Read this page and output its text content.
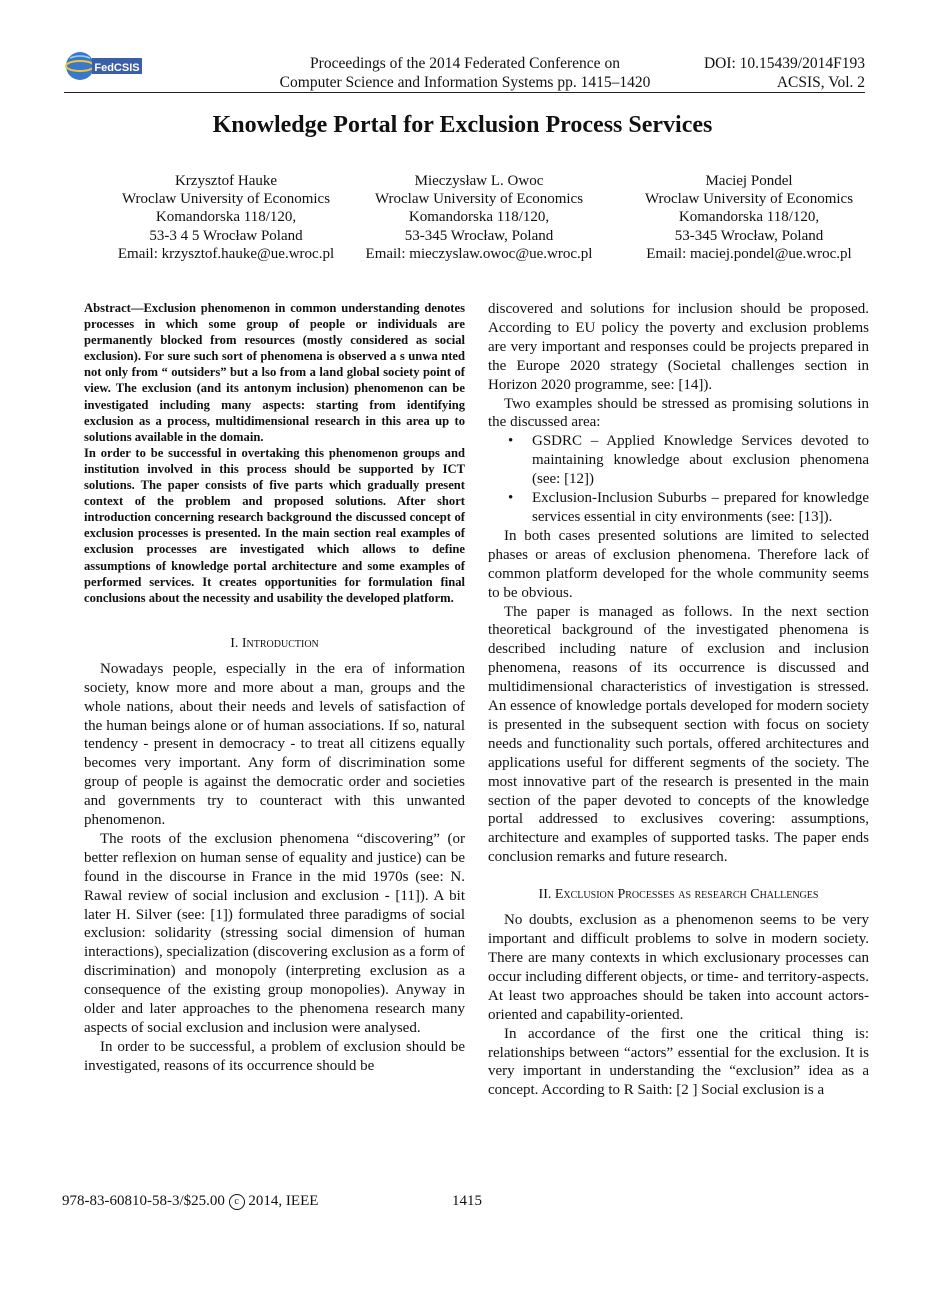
FedCSIS	Proceedings of the 2014 Federated Conference on
Computer Science and Information Systems pp. 1415–1420
DOI: 10.15439/2014F193
ACSIS, Vol. 2
Knowledge Portal for Exclusion Process Services
Krzysztof Hauke
Wroclaw University of Economics
Komandorska 118/120,
53-3 4 5 Wrocław Poland
Email: krzysztof.hauke@ue.wroc.pl
Mieczysław L. Owoc
Wroclaw University of Economics
Komandorska 118/120,
53-345 Wrocław, Poland
Email: mieczyslaw.owoc@ue.wroc.pl
Maciej Pondel
Wroclaw University of Economics
Komandorska 118/120,
53-345 Wrocław, Poland
Email: maciej.pondel@ue.wroc.pl

Abstract—Exclusion phenomenon in common understanding denotes processes in which some group of people or individuals are permanently blocked from resources (mostly considered as social exclusion). For sure such sort of phenomena is observed a s unwa nted not only from “ outsiders” but a lso from a land global society point of view. The exclusion (and its antonym inclusion) phenomenon can be investigated including many aspects: starting from identifying exclusion as a process, multidimensional research in this area up to solutions available in the domain.

In order to be successful in overtaking this phenomenon groups and institution involved in this process should be supported by ICT solutions. The paper consists of five parts which gradually present context of the problem and proposed solutions. After short introduction concerning research background the discussed concept of exclusion processes is presented. In the main section real examples of exclusion processes are investigated which allows to define assumptions of knowledge portal architecture and some examples of performed services. It creates opportunities for formulation final conclusions about the necessity and usability the developed platform.

I. Introduction

Nowadays people, especially in the era of information society, know more and more about a man, groups and the whole nations, about their needs and levels of satisfaction of the human beings alone or of human associations. If so, natural tendency - present in democracy - to treat all citizens equally becomes very important. Any form of discrimination some group of people is against the democratic order and societies and governments try to counteract with this unwanted phenomenon.

The roots of the exclusion phenomena “discovering” (or better reflexion on human sense of equality and justice) can be found in the discourse in France in the mid 1970s (see: N. Rawal review of social inclusion and exclusion - [11]). A bit later H. Silver (see: [1]) formulated three paradigms of social exclusion: solidarity (stressing social dimension of human interactions), specialization (discovering exclusion as a form of discrimination) and monopoly (interpreting exclusion as a consequence of the existing group monopolies). Anyway in older and later approaches to the phenomena research many aspects of social exclusion and inclusion were analysed.

In order to be successful, a problem of exclusion should be investigated, reasons of its occurrence should be

discovered and solutions for inclusion should be proposed. According to EU policy the poverty and exclusion problems are very important and responses could be projects prepared in the Europe 2020 strategy (Societal challenges section in Horizon 2020 programme, see: [14]).

Two examples should be stressed as promising solutions in the discussed area:

• GSDRC – Applied Knowledge Services devoted to maintaining knowledge about exclusion phenomena (see: [12])
• Exclusion-Inclusion Suburbs – prepared for knowledge services essential in city environments (see: [13]).

In both cases presented solutions are limited to selected phases or areas of exclusion phenomena. Therefore lack of common platform developed for the whole community seems to be obvious.

The paper is managed as follows. In the next section theoretical background of the investigated phenomena is described including nature of exclusion and inclusion phenomena, reasons of its occurrence is discussed and multidimensional characteristics of investigation is stressed. An essence of knowledge portals developed for modern society is presented in the subsequent section with focus on society needs and functionality such portals, offered architectures and applications useful for different segments of the society. The most innovative part of the research is presented in the main section of the paper devoted to concepts of the knowledge portal addressed to exclusives covering: assumptions, architecture and examples of supported tasks. The paper ends conclusion remarks and future research.

II. Exclusion Processes as research Challenges

No doubts, exclusion as a phenomenon seems to be very important and difficult problems to solve in modern society. There are many contexts in which exclusionary processes can occur including different objects, or time- and territory-aspects. At least two approaches should be taken into account actors-oriented and capability-oriented.

In accordance of the first one the critical thing is: relationships between “actors” essential for the exclusion. It is very important in understanding the “exclusion” idea as a concept. According to R Saith: [2 ] Social exclusion is a

978-83-60810-58-3/$25.00 c 2014, IEEE	1415
